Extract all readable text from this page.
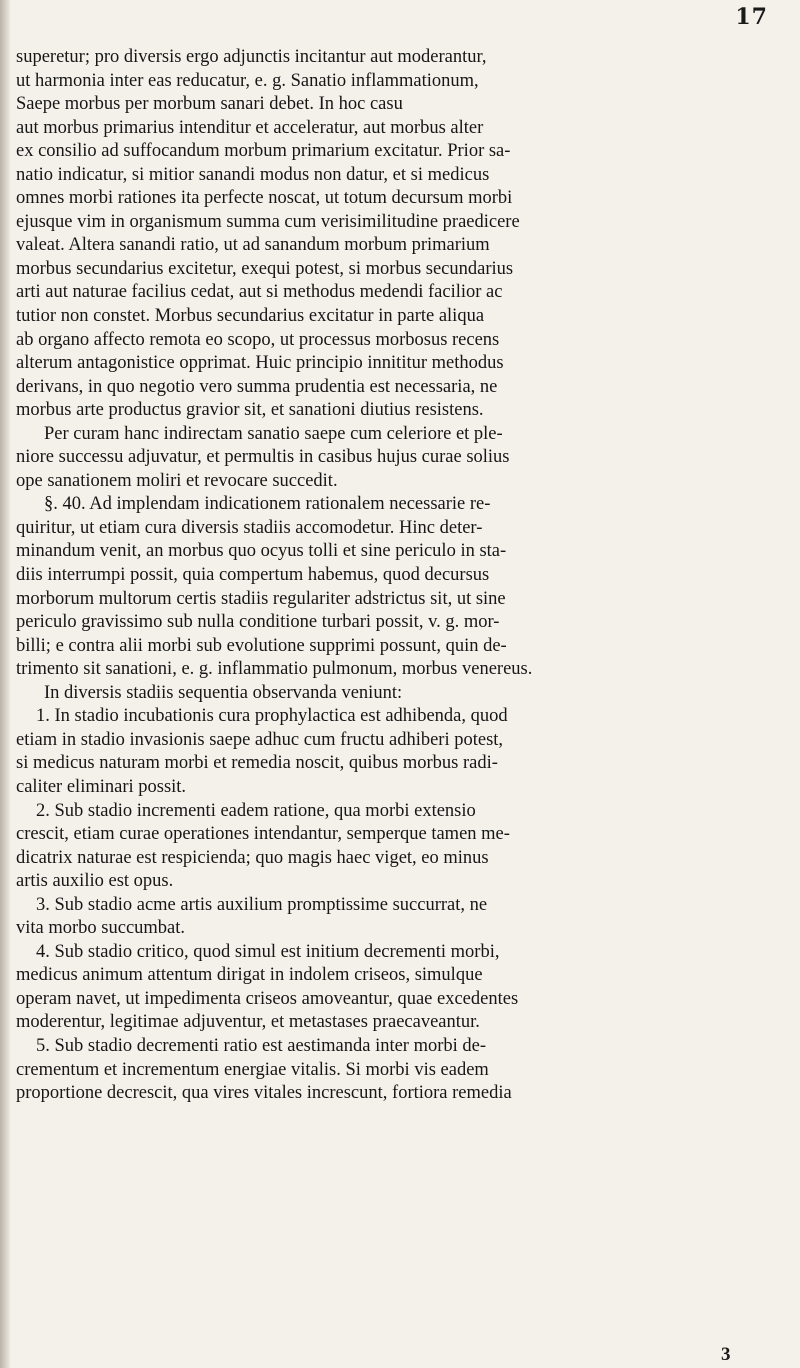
17
superetur; pro diversis ergo adjunctis incitantur aut moderantur,
ut harmonia inter eas reducatur, e. g. Sanatio inflammationum,
Saepe morbus per morbum sanari debet. In hoc casu
aut morbus primarius intenditur et acceleratur, aut morbus alter
ex consilio ad suffocandum morbum primarium excitatur. Prior sa-
natio indicatur, si mitior sanandi modus non datur, et si medicus
omnes morbi rationes ita perfecte noscat, ut totum decursum morbi
ejusque vim in organismum summa cum verisimilitudine praedicere
valeat. Altera sanandi ratio, ut ad sanandum morbum primarium
morbus secundarius excitetur, exequi potest, si morbus secundarius
arti aut naturae facilius cedat, aut si methodus medendi facilior ac
tutior non constet. Morbus secundarius excitatur in parte aliqua
ab organo affecto remota eo scopo, ut processus morbosus recens
alterum antagonistice opprimat. Huic principio innititur methodus
derivans, in quo negotio vero summa prudentia est necessaria, ne
morbus arte productus gravior sit, et sanationi diutius resistens.
Per curam hanc indirectam sanatio saepe cum celeriore et ple-
niore successu adjuvatur, et permultis in casibus hujus curae solius
ope sanationem moliri et revocare succedit.
§. 40. Ad implendam indicationem rationalem necessarie re-
quiritur, ut etiam cura diversis stadiis accomodetur. Hinc deter-
minandum venit, an morbus quo ocyus tolli et sine periculo in sta-
diis interrumpi possit, quia compertum habemus, quod decursus
morborum multorum certis stadiis regulariter adstrictus sit, ut sine
periculo gravissimo sub nulla conditione turbari possit, v. g. mor-
billi; e contra alii morbi sub evolutione supprimi possunt, quin de-
trimento sit sanationi, e. g. inflammatio pulmonum, morbus venereus.
In diversis stadiis sequentia observanda veniunt:
1. In stadio incubationis cura prophylactica est adhibenda, quod
etiam in stadio invasionis saepe adhuc cum fructu adhiberi potest,
si medicus naturam morbi et remedia noscit, quibus morbus radi-
caliter eliminari possit.
2. Sub stadio incrementi eadem ratione, qua morbi extensio
crescit, etiam curae operationes intendantur, semperque tamen me-
dicatrix naturae est respicienda; quo magis haec viget, eo minus
artis auxilio est opus.
3. Sub stadio acme artis auxilium promptissime succurrat, ne
vita morbo succumbat.
4. Sub stadio critico, quod simul est initium decrementi morbi,
medicus animum attentum dirigat in indolem criseos, simulque
operam navet, ut impedimenta criseos amoveantur, quae excedentes
moderentur, legitimae adjuventur, et metastases praecaveantur.
5. Sub stadio decrementi ratio est aestimanda inter morbi de-
crementum et incrementum energiae vitalis. Si morbi vis eadem
proportione decrescit, qua vires vitales increscunt, fortiora remedia
3
